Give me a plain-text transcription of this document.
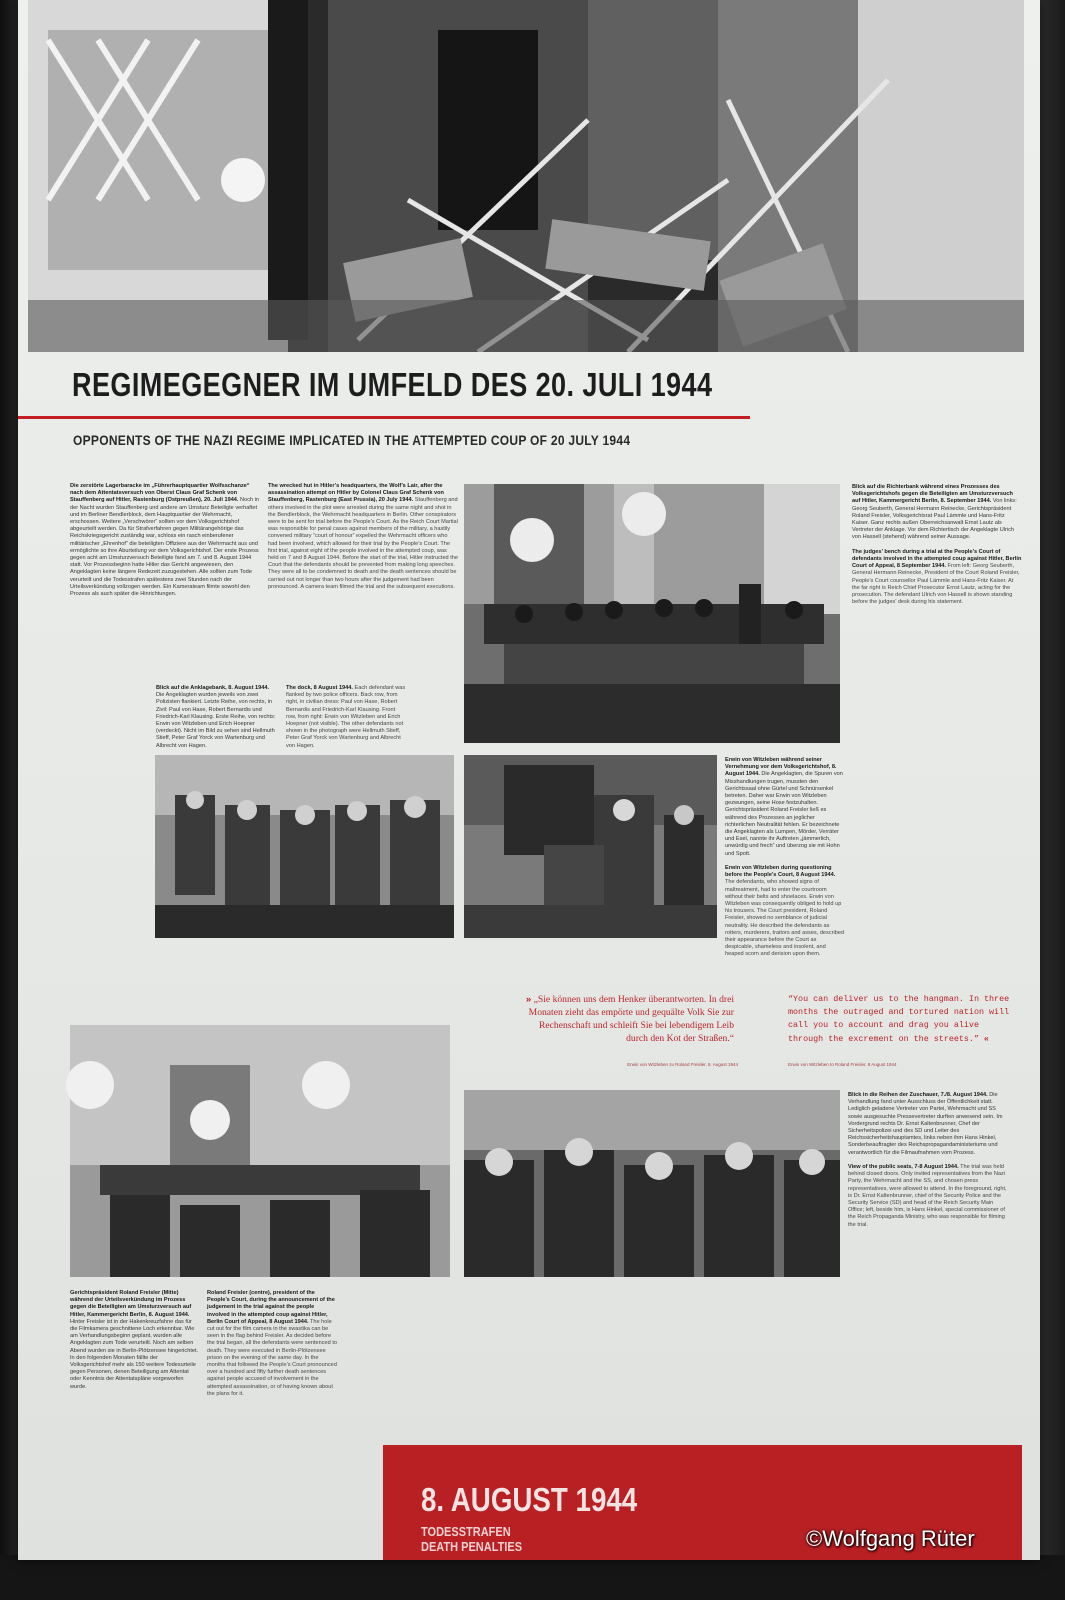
REGIMEGEGNER IM UMFELD DES 20. JULI 1944
OPPONENTS OF THE NAZI REGIME IMPLICATED IN THE ATTEMPTED COUP OF 20 JULY 1944
Die zerstörte Lagerbaracke im „Führerhauptquartier Wolfsschanze“ nach dem Attentatsversuch von Oberst Claus Graf Schenk von Stauffenberg auf Hitler, Rastenburg (Ostpreußen), 20. Juli 1944. Noch in der Nacht wurden Stauffenberg und andere am Umsturz Beteiligte verhaftet und im Berliner Bendlerblock, dem Hauptquartier der Wehrmacht, erschossen. Weitere „Verschwörer“ sollten vor dem Volksgerichtshof abgeurteilt werden. Da für Strafverfahren gegen Militärangehörige das Reichskriegsgericht zuständig war, schloss ein rasch einberufener militärischer „Ehrenhof“ die beteiligten Offiziere aus der Wehrmacht aus und ermöglichte so ihre Aburteilung vor dem Volksgerichtshof. Der erste Prozess gegen acht am Umsturzversuch Beteiligte fand am 7. und 8. August 1944 statt. Vor Prozessbeginn hatte Hitler das Gericht angewiesen, den Angeklagten keine längere Redezeit zuzugestehen. Alle sollten zum Tode verurteilt und die Todesstrafen spätestens zwei Stunden nach der Urteilsverkündung vollzogen werden. Ein Kamerateam filmte sowohl den Prozess als auch später die Hinrichtungen.
The wrecked hut in Hitler’s headquarters, the Wolf’s Lair, after the assassination attempt on Hitler by Colonel Claus Graf Schenk von Stauffenberg, Rastenburg (East Prussia), 20 July 1944. Stauffenberg and others involved in the plot were arrested during the same night and shot in the Bendlerblock, the Wehrmacht headquarters in Berlin. Other conspirators were to be sent for trial before the People’s Court. As the Reich Court Martial was responsible for penal cases against members of the military, a hastily convened military “court of honour” expelled the Wehrmacht officers who had been involved, which allowed for their trial by the People’s Court. The first trial, against eight of the people involved in the attempted coup, was held on 7 and 8 August 1944. Before the start of the trial, Hitler instructed the Court that the defendants should be prevented from making long speeches. They were all to be condemned to death and the death sentences should be carried out not longer than two hours after the judgement had been pronounced. A camera team filmed the trial and the subsequent executions.
Blick auf die Richterbank während eines Prozesses des Volksgerichtshofs gegen die Beteiligten am Umsturzversuch auf Hitler, Kammergericht Berlin, 8. September 1944. Von links: Georg Seuberth, General Hermann Reinecke, Gerichtspräsident Roland Freisler, Volksgerichtsrat Paul Lämmle und Hans-Fritz Kaiser. Ganz rechts außen Oberreichsanwalt Ernst Lautz als Vertreter der Anklage. Vor dem Richtertisch der Angeklagte Ulrich von Hassell (stehend) während seiner Aussage.

The judges’ bench during a trial at the People’s Court of defendants involved in the attempted coup against Hitler, Berlin Court of Appeal, 8 September 1944. From left: Georg Seuberth, General Hermann Reinecke, President of the Court Roland Freisler, People’s Court counsellor Paul Lämmle and Hans-Fritz Kaiser. At the far right is Reich Chief Prosecutor Ernst Lautz, acting for the prosecution. The defendant Ulrich von Hassell is shown standing before the judges’ desk during his statement.
Blick auf die Anklagebank, 8. August 1944. Die Angeklagten wurden jeweils von zwei Polizisten flankiert. Letzte Reihe, von rechts, in Zivil: Paul von Hase, Robert Bernardis und Friedrich-Karl Klausing. Erste Reihe, von rechts: Erwin von Witzleben und Erich Hoepner (verdeckt). Nicht im Bild zu sehen sind Hellmuth Stieff, Peter Graf Yorck von Wartenburg und Albrecht von Hagen.
The dock, 8 August 1944. Each defendant was flanked by two police officers. Back row, from right, in civilian dress: Paul von Hase, Robert Bernardis and Friedrich-Karl Klausing. Front row, from right: Erwin von Witzleben and Erich Hoepner (not visible). The other defendants not shown in the photograph were Hellmuth Stieff, Peter Graf Yorck von Wartenburg and Albrecht von Hagen.
Erwin von Witzleben während seiner Vernehmung vor dem Volksgerichtshof, 8. August 1944. Die Angeklagten, die Spuren von Misshandlungen trugen, mussten den Gerichtssaal ohne Gürtel und Schnürsenkel betreten. Daher war Erwin von Witzleben gezwungen, seine Hose festzuhalten. Gerichtspräsident Roland Freisler ließ es während des Prozesses an jeglicher richterlichen Neutralität fehlen. Er bezeichnete die Angeklagten als Lumpen, Mörder, Verräter und Esel, nannte ihr Auftreten „jämmerlich, unwürdig und frech“ und überzog sie mit Hohn und Spott.

Erwin von Witzleben during questioning before the People’s Court, 8 August 1944. The defendants, who showed signs of maltreatment, had to enter the courtroom without their belts and shoelaces. Erwin von Witzleben was consequently obliged to hold up his trousers. The Court president, Roland Freisler, showed no semblance of judicial neutrality. He described the defendants as rotters, murderers, traitors and asses, described their appearance before the Court as despicable, shameless and insolent, and heaped scorn and derision upon them.
» „Sie können uns dem Henker überantworten. In drei Monaten zieht das empörte und gequälte Volk Sie zur Rechenschaft und schleift Sie bei lebendigem Leib durch den Kot der Straßen.“
Erwin von Witzleben zu Roland Freisler, 8. August 1944
“You can deliver us to the hangman. In three months the outraged and tortured nation will call you to account and drag you alive through the excrement on the streets.” «
Erwin von Witzleben to Roland Freisler, 8 August 1944
Blick in die Reihen der Zuschauer, 7./8. August 1944. Die Verhandlung fand unter Ausschluss der Öffentlichkeit statt. Lediglich geladene Vertreter von Partei, Wehrmacht und SS sowie ausgesuchte Pressevertreter durften anwesend sein. Im Vordergrund rechts Dr. Ernst Kaltenbrunner, Chef der Sicherheitspolizei und des SD und Leiter des Reichssicherheitshauptamtes, links neben ihm Hans Hinkel, Sonderbeauftragter des Reichspropagandaministeriums und verantwortlich für die Filmaufnahmen vom Prozess.

View of the public seats, 7-8 August 1944. The trial was held behind closed doors. Only invited representatives from the Nazi Party, the Wehrmacht and the SS, and chosen press representatives, were allowed to attend. In the foreground, right, is Dr. Ernst Kaltenbrunner, chief of the Security Police and the Security Service (SD) and head of the Reich Security Main Office; left, beside him, is Hans Hinkel, special commissioner of the Reich Propaganda Ministry, who was responsible for filming the trial.
Gerichtspräsident Roland Freisler (Mitte) während der Urteilsverkündung im Prozess gegen die Beteiligten am Umsturzversuch auf Hitler, Kammergericht Berlin, 8. August 1944. Hinter Freisler ist in der Hakenkreuzfahne das für die Filmkamera geschnittene Loch erkennbar. Wie am Verhandlungsbeginn geplant, wurden alle Angeklagten zum Tode verurteilt. Noch am selben Abend wurden sie in Berlin-Plötzensee hingerichtet. In den folgenden Monaten fällte der Volksgerichtshof mehr als 150 weitere Todesurteile gegen Personen, denen Beteiligung am Attentat oder Kenntnis der Attentatspläne vorgeworfen wurde.
Roland Freisler (centre), president of the People’s Court, during the announcement of the judgement in the trial against the people involved in the attempted coup against Hitler, Berlin Court of Appeal, 8 August 1944. The hole cut out for the film camera in the swastika can be seen in the flag behind Freisler. As decided before the trial began, all the defendants were sentenced to death. They were executed in Berlin-Plötzensee prison on the evening of the same day. In the months that followed the People’s Court pronounced over a hundred and fifty further death sentences against people accused of involvement in the attempted assassination, or of having known about the plans for it.
8. AUGUST 1944
TODESSTRAFEN
DEATH PENALTIES	©Wolfgang Rüter
